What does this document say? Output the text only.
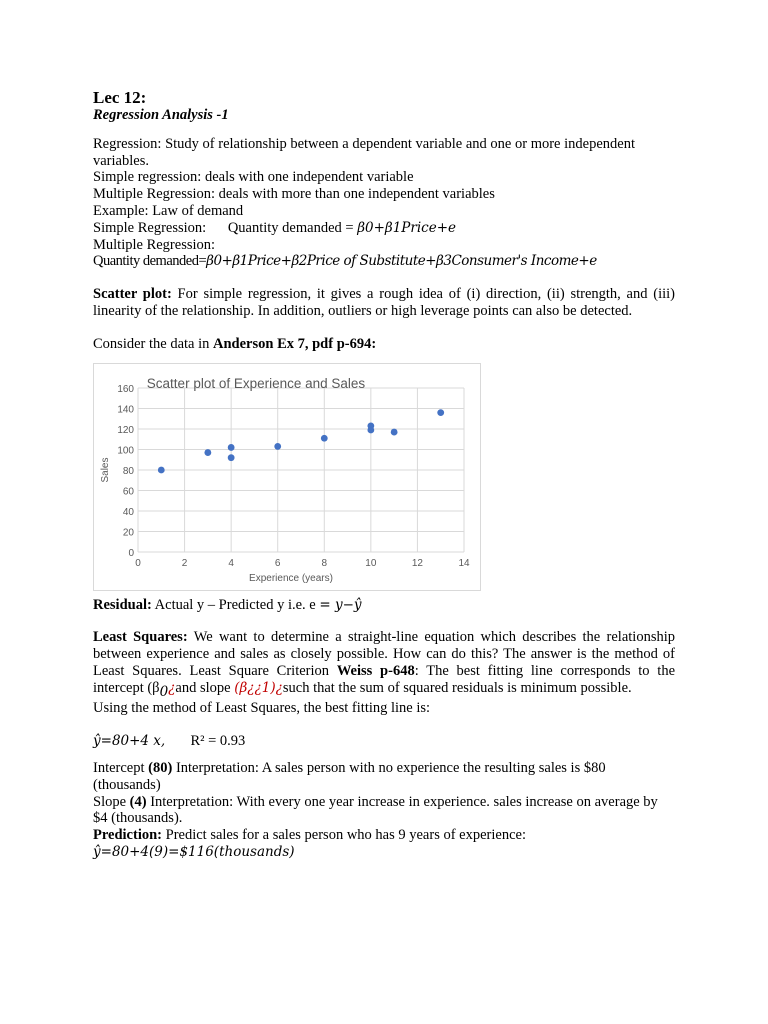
Lec 12:
Regression Analysis -1

Regression: Study of relationship between a dependent variable and one or more independent variables.

Simple regression: deals with one independent variable

Multiple Regression: deals with more than one independent variables

Example: Law of demand

Simple Regression: Quantity demanded = β0+β1Price+e

Multiple Regression:

Quantity demanded=β0+β1Price+β2Price of Substitute+β3Consumer's Income+e

Scatter plot: For simple regression, it gives a rough idea of (i) direction, (ii) strength, and (iii) linearity of the relationship. In addition, outliers or high leverage points can also be detected.

Consider the data in Anderson Ex 7, pdf p-694:

0
20
40
60
80
100
120
140
160
0	2	4	6	8	10	12	14
Scatter plot of Experience and Sales
Experience (years)
Sales

Residual: Actual y – Predicted y i.e. e = y−ŷ

Least Squares: We want to determine a straight-line equation which describes the relationship between experience and sales as closely possible. How can do this? The answer is the method of Least Squares. Least Square Criterion Weiss p-648: The best fitting line corresponds to the intercept ($\beta_0¿and$ slope (β¿¿1)¿such that the sum of squared residuals is minimum possible.

Using the method of Least Squares, the best fitting line is:

ŷ=80+4 x, R² = 0.93

Intercept (80) Interpretation: A sales person with no experience the resulting sales is $80 (thousands)

Slope (4) Interpretation: With every one year increase in experience. sales increase on average by $4 (thousands).

Prediction: Predict sales for a sales person who has 9 years of experience:

ŷ=80+4(9)=$116(thousands)
